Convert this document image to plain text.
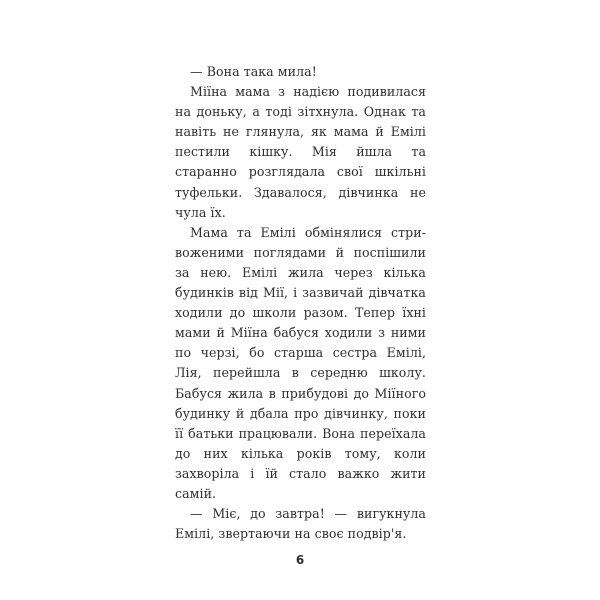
— Вона така мила!

Мiїна мама з надією подивилася на доньку, а тоді зітхнула. Однак та навіть не глянула, як мама й Емілі пестили кішку. Мія йшла та старанно розглядала свої шкільні туфельки. Здавалося, дівчинка не чула їх.

Мама та Емілі обмінялися стривоженими поглядами й поспішили за нею. Емілі жила через кілька будинків від Мії, і зазвичай дівчатка ходили до школи разом. Тепер їхні мами й Мiїна бабуся ходили з ними по черзі, бо старша сестра Емілі, Лія, перейшла в середню школу. Бабуся жила в прибудові до Мiїного будинку й дбала про дівчинку, поки її батьки працювали. Вона переїхала до них кілька років тому, коли захворіла і їй стало важко жити самій.

— Міє, до завтра! — вигукнула Емілі, звертаючи на своє подвір'я.

6
